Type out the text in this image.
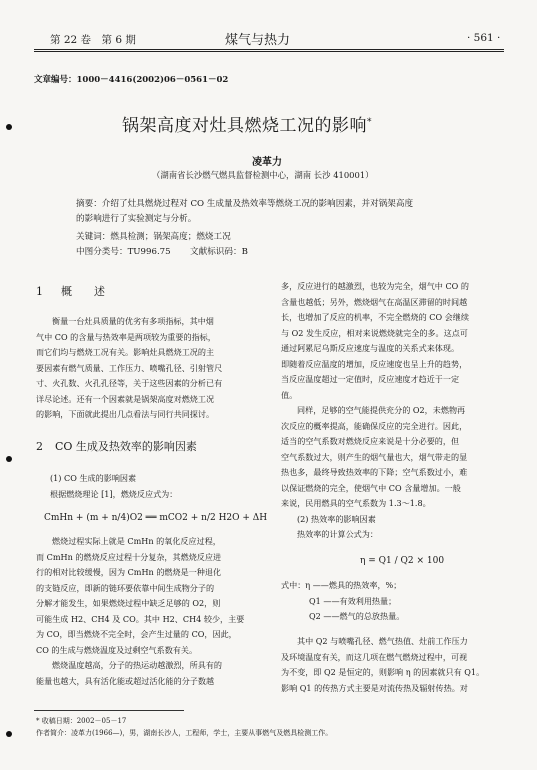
第 22 卷　第 6 期	煤气与热力	· 561 ·
文章编号：1000－4416(2002)06－0561－02
锅架高度对灶具燃烧工况的影响*
凌革力
（湖南省长沙燃气燃具监督检测中心，湖南 长沙 410001）
摘要：介绍了灶具燃烧过程对 CO 生成量及热效率等燃烧工况的影响因素，并对锅架高度
的影响进行了实验测定与分析。
关键词：燃具检测；锅架高度；燃烧工况
中图分类号：TU996.75	文献标识码：B
1 概　　述

衡量一台灶具质量的优劣有多项指标，其中烟

气中 CO 的含量与热效率是两项较为重要的指标，

而它们均与燃烧工况有关。影响灶具燃烧工况的主

要因素有燃气质量、工作压力、喷嘴孔径、引射管尺

寸、火孔数、火孔孔径等，关于这些因素的分析已有

详尽论述。还有一个因素就是锅架高度对燃烧工况

的影响，下面就此提出几点看法与同行共同探讨。

2 CO 生成及热效率的影响因素

(1) CO 生成的影响因素

根据燃烧理论 [1]，燃烧反应式为：

CmHn + (m + n/4)O2 ══ mCO2 + n/2 H2O + ΔH

燃烧过程实际上就是 CmHn 的氧化反应过程，

而 CmHn 的燃烧反应过程十分复杂，其燃烧反应进

行的相对比较缓慢，因为 CmHn 的燃烧是一种退化

的支链反应，即新的链环要依靠中间生成物分子的

分解才能发生，如果燃烧过程中缺乏足够的 O2，则

可能生成 H2、CH4 及 CO。其中 H2、CH4 较少，主要

为 CO，即当燃烧不完全时，会产生过量的 CO，因此，

CO 的生成与燃烧温度及过剩空气系数有关。

燃烧温度越高，分子的热运动越激烈，所具有的

能量也越大，具有活化能或超过活化能的分子数越

多，反应进行的越激烈，也较为完全，烟气中 CO 的

含量也越低；另外，燃烧烟气在高温区滞留的时间越

长，也增加了反应的机率，不完全燃烧的 CO 会继续

与 O2 发生反应，相对来说燃烧就完全的多。这点可

通过阿累尼乌斯反应速度与温度的关系式来体现。

即随着反应温度的增加，反应速度也呈上升的趋势，

当反应温度超过一定值时，反应速度才趋近于一定

值。

同样，足够的空气能提供充分的 O2，未燃物再

次反应的概率提高，能确保反应的完全进行。因此，

适当的空气系数对燃烧反应来说是十分必要的，但

空气系数过大，则产生的烟气量也大，烟气带走的显

热也多，最终导致热效率的下降；空气系数过小，难

以保证燃烧的完全，使烟气中 CO 含量增加。一般

来说，民用燃具的空气系数为 1.3～1.8。

(2) 热效率的影响因素

热效率的计算公式为：

η = Q1 / Q2 × 100

式中：η ——燃具的热效率，%；

Q1 ——有效利用热量；

Q2 ——燃气的总放热量。

其中 Q2 与喷嘴孔径、燃气热值、灶前工作压力

及环境温度有关，而这几项在燃气燃烧过程中，可视

为不变，即 Q2 是恒定的，则影响 η 的因素就只有 Q1。

影响 Q1 的传热方式主要是对流传热及辐射传热。对

* 收稿日期：2002－05－17
作者简介：凌革力(1966—)，男，湖南长沙人，工程师，学士，主要从事燃气及燃具检测工作。
